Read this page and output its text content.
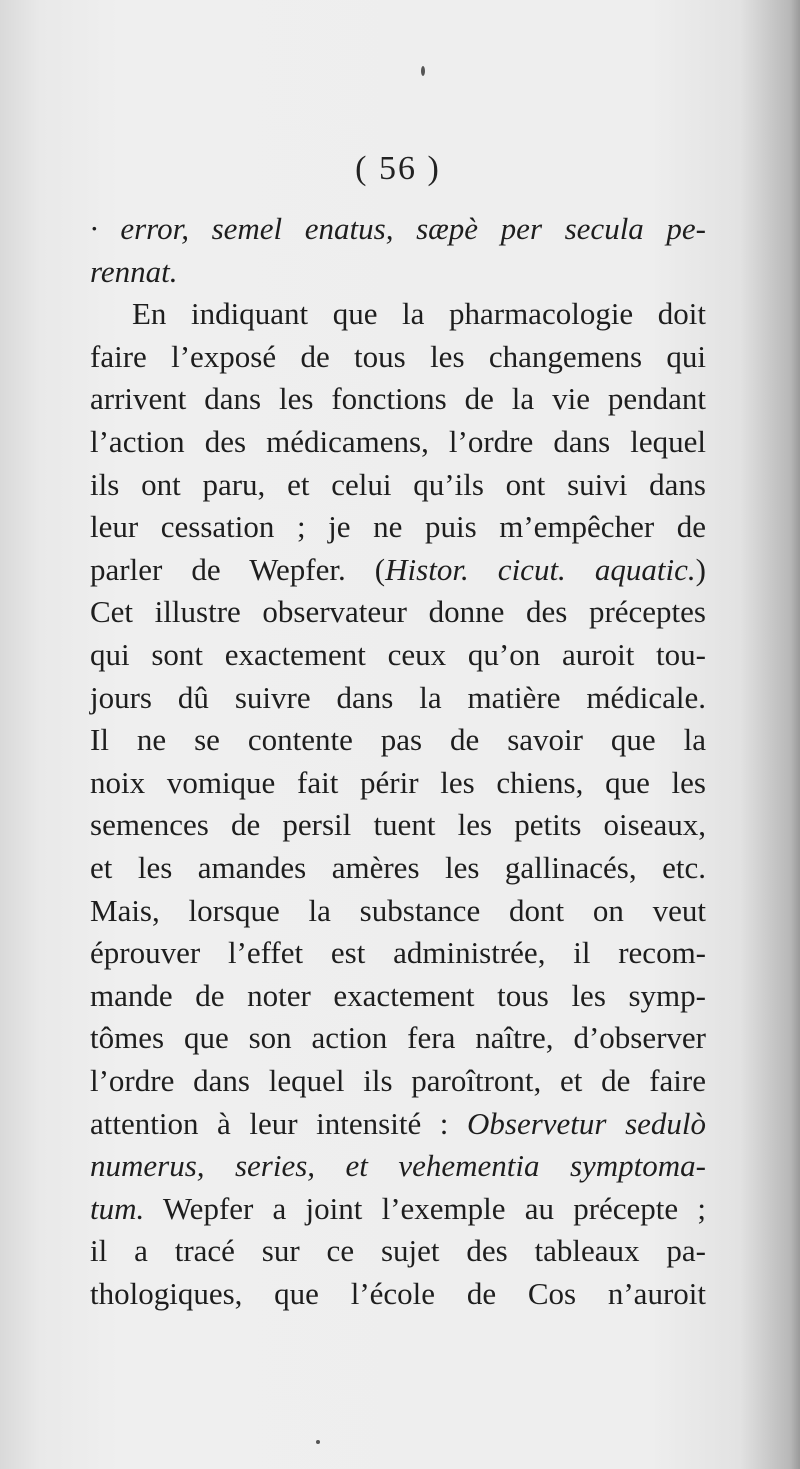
( 56 )
· error, semel enatus, sæpè per secula pe-
rennat.
En indiquant que la pharmacologie doit
faire l’exposé de tous les changemens qui
arrivent dans les fonctions de la vie pendant
l’action des médicamens, l’ordre dans lequel
ils ont paru, et celui qu’ils ont suivi dans
leur cessation ; je ne puis m’empêcher de
parler de Wepfer. (Histor. cicut. aquatic.)
Cet illustre observateur donne des préceptes
qui sont exactement ceux qu’on auroit tou-
jours dû suivre dans la matière médicale.
Il ne se contente pas de savoir que la
noix vomique fait périr les chiens, que les
semences de persil tuent les petits oiseaux,
et les amandes amères les gallinacés, etc.
Mais, lorsque la substance dont on veut
éprouver l’effet est administrée, il recom-
mande de noter exactement tous les symp-
tômes que son action fera naître, d’observer
l’ordre dans lequel ils paroîtront, et de faire
attention à leur intensité : Observetur sedulò
numerus, series, et vehementia symptoma-
tum. Wepfer a joint l’exemple au précepte ;
il a tracé sur ce sujet des tableaux pa-
thologiques, que l’école de Cos n’auroit
